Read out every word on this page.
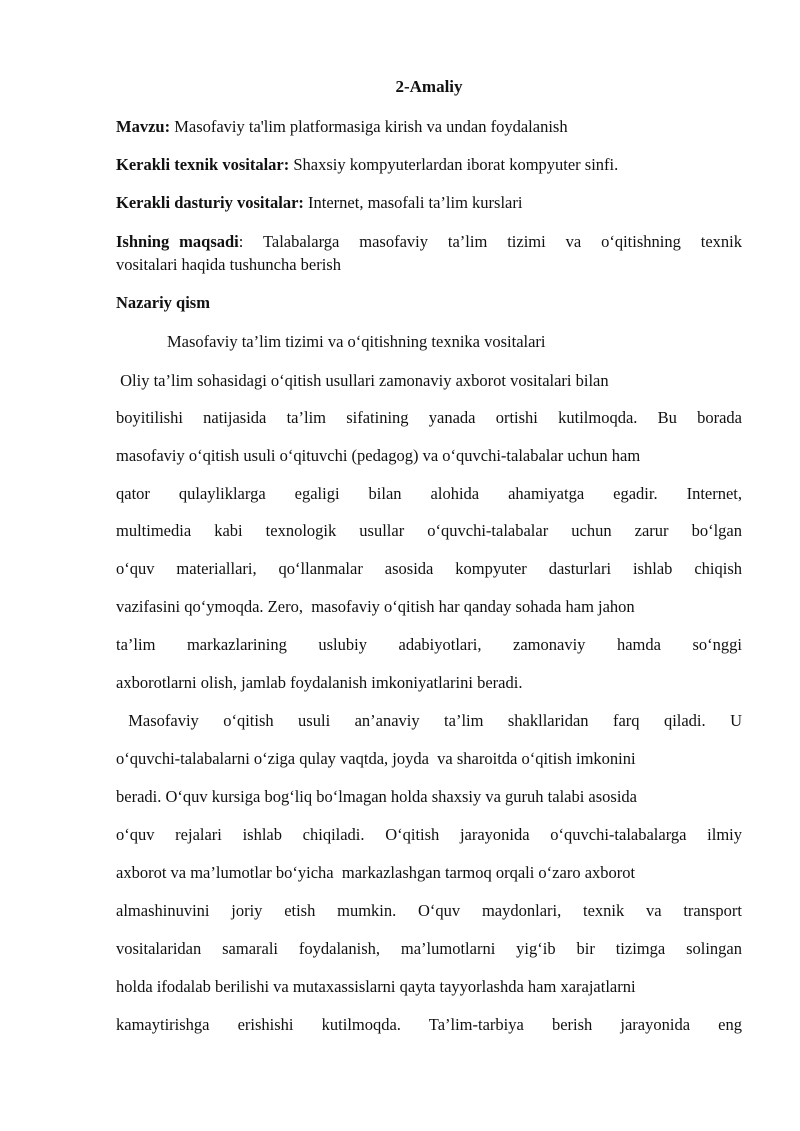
2-Amaliy
Mavzu: Masofaviy ta'lim platformasiga kirish va undan foydalanish
Kerakli texnik vositalar: Shaxsiy kompyuterlardan iborat kompyuter sinfi.
Kerakli dasturiy vositalar: Internet, masofali ta’lim kurslari
Ishning maqsadi:  Talabalarga  masofaviy  ta’lim  tizimi  va  o‘qitishning  texnik
vositalari haqida tushuncha berish
Nazariy qism
Masofaviy ta’lim tizimi va o‘qitishning texnika vositalari
Oliy ta’lim sohasidagi o‘qitish usullari zamonaviy axborot vositalari bilan
boyitilishi  natijasida  ta’lim  sifatining  yanada  ortishi  kutilmoqda.  Bu  borada
masofaviy o‘qitish usuli o‘qituvchi (pedagog) va o‘quvchi-talabalar uchun ham
qator   qulayliklarga   egaligi   bilan   alohida   ahamiyatga   egadir.   Internet,
multimedia  kabi  texnologik  usullar  o‘quvchi-talabalar  uchun  zarur  bo‘lgan
o‘quv  materiallari,  qo‘llanmalar  asosida  kompyuter  dasturlari  ishlab  chiqish
vazifasini qo‘ymoqda. Zero,  masofaviy o‘qitish har qanday sohada ham jahon
ta’lim   markazlarining   uslubiy   adabiyotlari,   zamonaviy   hamda   so‘nggi
axborotlarni olish, jamlab foydalanish imkoniyatlarini beradi.
Masofaviy  o‘qitish  usuli  an’anaviy  ta’lim  shakllaridan  farq  qiladi.  U
o‘quvchi-talabalarni o‘ziga qulay vaqtda, joyda  va sharoitda o‘qitish imkonini
beradi. O‘quv kursiga bog‘liq bo‘lmagan holda shaxsiy va guruh talabi asosida
o‘quv  rejalari  ishlab  chiqiladi.  O‘qitish  jarayonida  o‘quvchi-talabalarga  ilmiy
axborot va ma’lumotlar bo‘yicha  markazlashgan tarmoq orqali o‘zaro axborot
almashinuvini  joriy  etish  mumkin.  O‘quv  maydonlari,  texnik  va  transport
vositalaridan  samarali  foydalanish,  ma’lumotlarni  yig‘ib  bir  tizimga  solingan
holda ifodalab berilishi va mutaxassislarni qayta tayyorlashda ham xarajatlarni
kamaytirishga   erishishi   kutilmoqda.   Ta’lim-tarbiya   berish   jarayonida   eng
